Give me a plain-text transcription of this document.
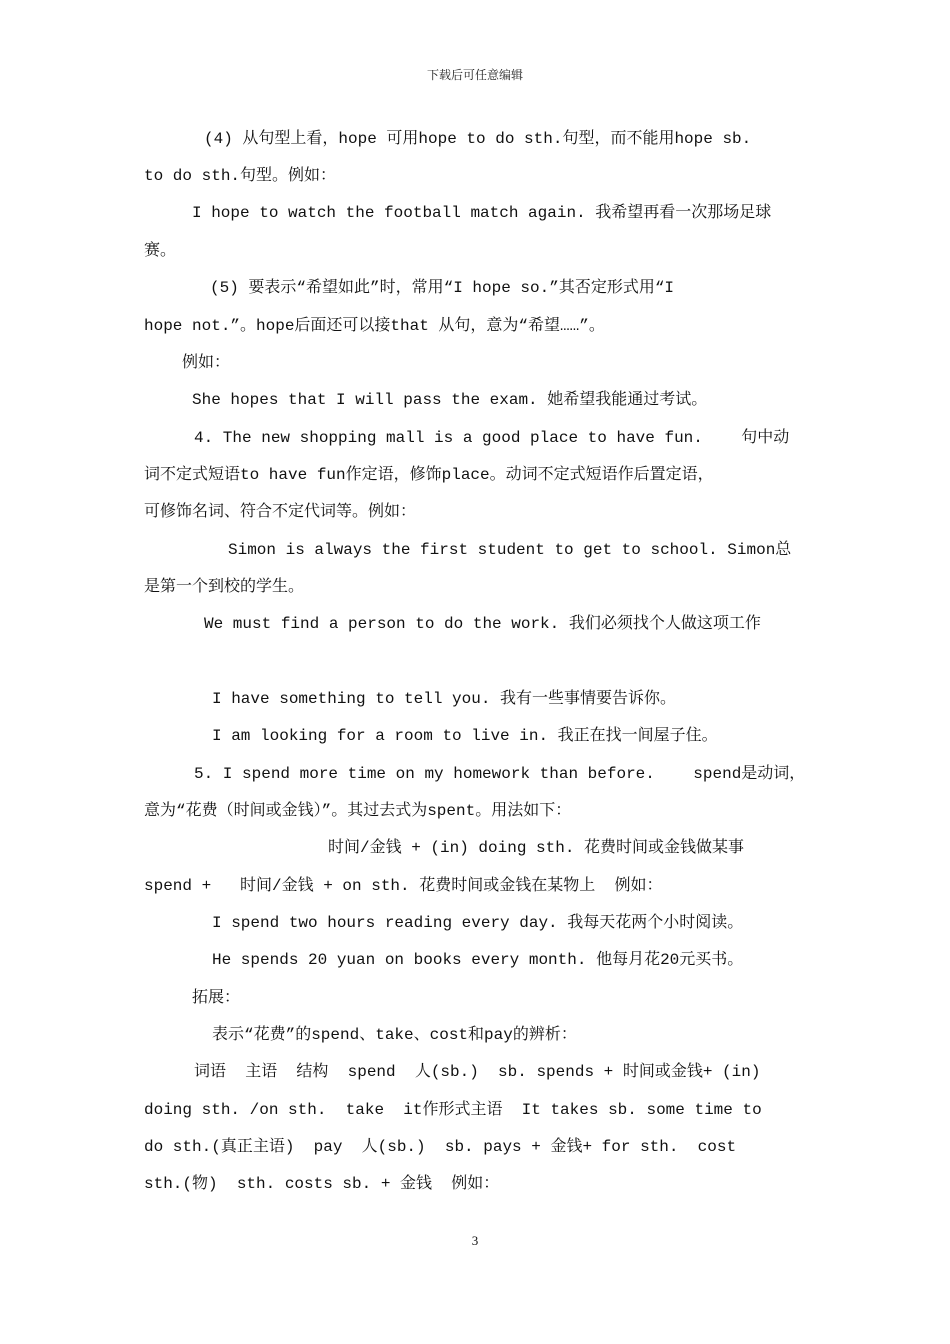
下载后可任意编辑
(4) 从句型上看，hope 可用hope to do sth.句型，而不能用hope sb.
to do sth.句型。例如：
I hope to watch the football match again. 我希望再看一次那场足球
赛。
(5) 要表示“希望如此”时，常用“I hope so.”其否定形式用“I
hope not.”。hope后面还可以接that 从句，意为“希望……”。
例如：
She hopes that I will pass the exam. 她希望我能通过考试。
4. The new shopping mall is a good place to have fun.    句中动
词不定式短语to have fun作定语，修饰place。动词不定式短语作后置定语，
可修饰名词、符合不定代词等。例如：
Simon is always the first student to get to school. Simon总
是第一个到校的学生。
We must find a person to do the work. 我们必须找个人做这项工作
I have something to tell you. 我有一些事情要告诉你。
I am looking for a room to live in. 我正在找一间屋子住。
5. I spend more time on my homework than before.    spend是动词，
意为“花费（时间或金钱）”。其过去式为spent。用法如下：
时间/金钱 + (in) doing sth. 花费时间或金钱做某事
spend +   时间/金钱 + on sth. 花费时间或金钱在某物上  例如：
I spend two hours reading every day. 我每天花两个小时阅读。
He spends 20 yuan on books every month. 他每月花20元买书。
拓展：
表示“花费”的spend、take、cost和pay的辨析：
词语  主语  结构  spend  人(sb.)  sb. spends + 时间或金钱+ (in)
doing sth. /on sth.  take  it作形式主语  It takes sb. some time to
do sth.(真正主语)  pay  人(sb.)  sb. pays + 金钱+ for sth.  cost
sth.(物)  sth. costs sb. + 金钱  例如：
3
